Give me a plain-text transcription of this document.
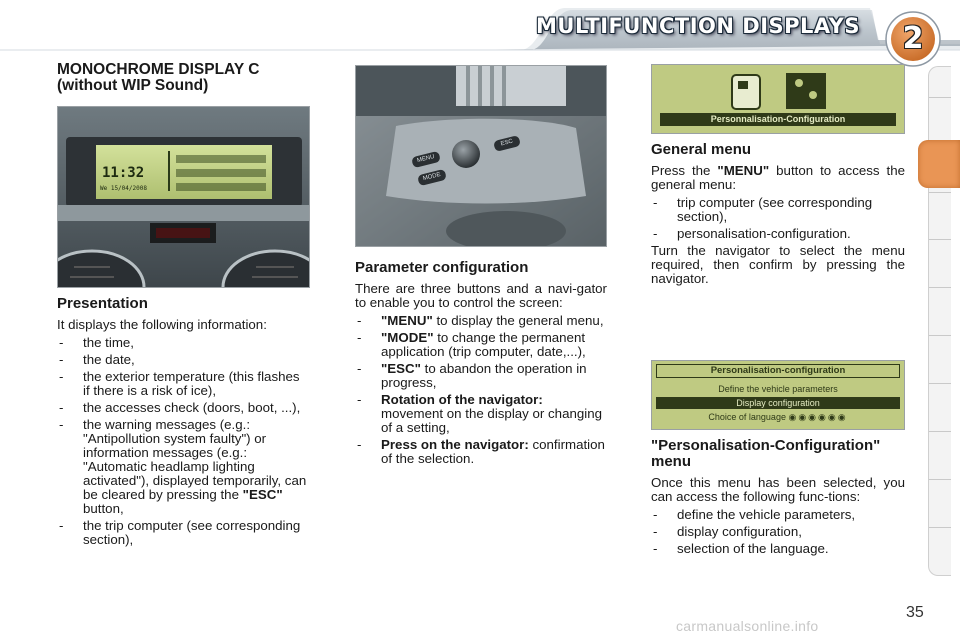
MULTIFUNCTION DISPLAYS	2
MONOCHROME DISPLAY C (without WIP Sound)
11:32
We 15/04/2008
MENU
MODE
ESC
Personnalisation-Configuration
Personalisation-configuration
Define the vehicle parameters
Display configuration
Choice of language ◉◉◉◉◉◉
Presentation

It displays the following information:

- the time,
- the date,
- the exterior temperature (this flashes if there is a risk of ice),
- the accesses check (doors, boot, ...),
- the warning messages (e.g.: "Antipollution system faulty") or information messages (e.g.: "Automatic headlamp lighting activated"), displayed temporarily, can be cleared by pressing the "ESC" button,
- the trip computer (see corresponding section),
Parameter configuration

There are three buttons and a navi-gator to enable you to control the screen:

- "MENU" to display the general menu,
- "MODE" to change the permanent application (trip computer, date,...),
- "ESC" to abandon the operation in progress,
- Rotation of the navigator: movement on the display or changing of a setting,
- Press on the navigator: confirmation of the selection.
General menu

Press the "MENU" button to access the general menu:

- trip computer (see corresponding section),
- personalisation-configuration.

Turn the navigator to select the menu required, then confirm by pressing the navigator.

"Personalisation-Configuration" menu

Once this menu has been selected, you can access the following func-tions:

- define the vehicle parameters,
- display configuration,
- selection of the language.
35
carmanualsonline.info
